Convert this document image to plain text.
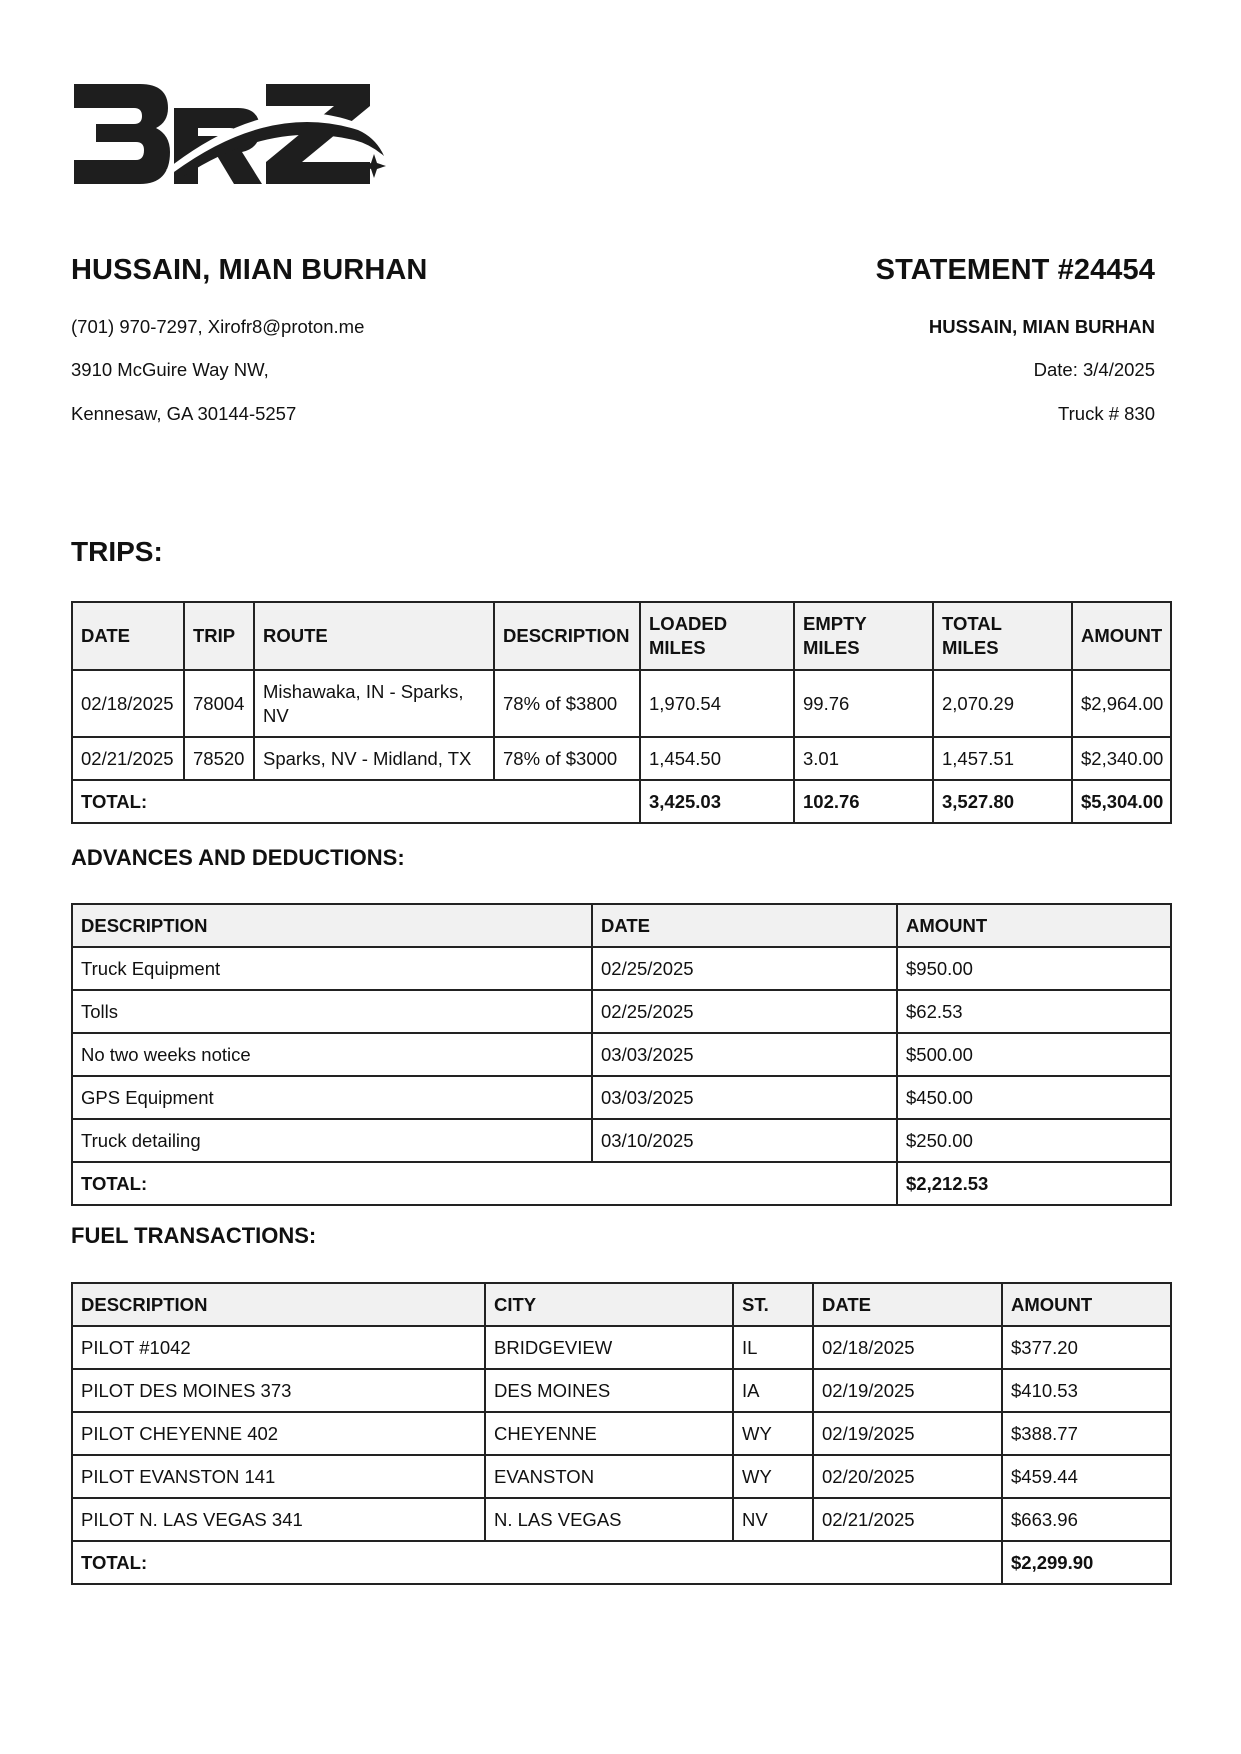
HUSSAIN, MIAN BURHAN
(701) 970-7297, Xirofr8@proton.me
3910 McGuire Way NW,
Kennesaw, GA 30144-5257
STATEMENT #24454
HUSSAIN, MIAN BURHAN
Date: 3/4/2025
Truck # 830
TRIPS:
DATE	TRIP	ROUTE	DESCRIPTION	LOADED MILES	EMPTY MILES	TOTAL MILES	AMOUNT
02/18/2025	78004	Mishawaka, IN - Sparks, NV	78% of $3800	1,970.54	99.76	2,070.29	$2,964.00
02/21/2025	78520	Sparks, NV - Midland, TX	78% of $3000	1,454.50	3.01	1,457.51	$2,340.00
TOTAL:				3,425.03	102.76	3,527.80	$5,304.00
ADVANCES AND DEDUCTIONS:
DESCRIPTION	DATE	AMOUNT
Truck Equipment	02/25/2025	$950.00
Tolls	02/25/2025	$62.53
No two weeks notice	03/03/2025	$500.00
GPS Equipment	03/03/2025	$450.00
Truck detailing	03/10/2025	$250.00
TOTAL:		$2,212.53
FUEL TRANSACTIONS:
DESCRIPTION	CITY	ST.	DATE	AMOUNT
PILOT #1042	BRIDGEVIEW	IL	02/18/2025	$377.20
PILOT DES MOINES 373	DES MOINES	IA	02/19/2025	$410.53
PILOT CHEYENNE 402	CHEYENNE	WY	02/19/2025	$388.77
PILOT EVANSTON 141	EVANSTON	WY	02/20/2025	$459.44
PILOT N. LAS VEGAS 341	N. LAS VEGAS	NV	02/21/2025	$663.96
TOTAL:				$2,299.90
